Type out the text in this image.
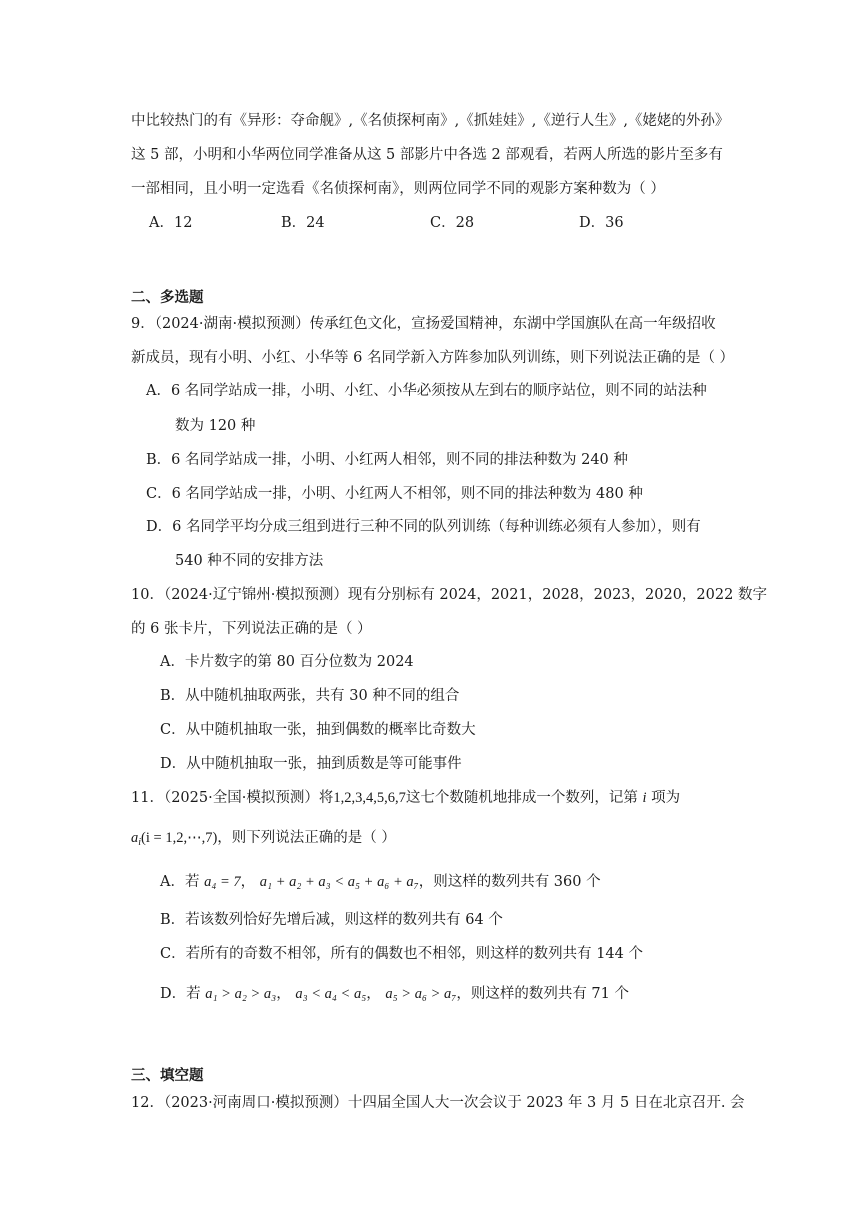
中比较热门的有《异形：夺命舰》,《名侦探柯南》,《抓娃娃》,《逆行人生》,《姥姥的外孙》
这 5 部，小明和小华两位同学准备从这 5 部影片中各选 2 部观看，若两人所选的影片至多有
一部相同，且小明一定选看《名侦探柯南》，则两位同学不同的观影方案种数为（ ）
A．12	B．24	C．28	D．36
二、多选题
9．（2024·湖南·模拟预测）传承红色文化，宣扬爱国精神，东湖中学国旗队在高一年级招收
新成员，现有小明、小红、小华等 6 名同学新入方阵参加队列训练，则下列说法正确的是（ ）
A．6 名同学站成一排，小明、小红、小华必须按从左到右的顺序站位，则不同的站法种
数为 120 种
B．6 名同学站成一排，小明、小红两人相邻，则不同的排法种数为 240 种
C．6 名同学站成一排，小明、小红两人不相邻，则不同的排法种数为 480 种
D．6 名同学平均分成三组到进行三种不同的队列训练（每种训练必须有人参加），则有
540 种不同的安排方法
10．（2024·辽宁锦州·模拟预测）现有分别标有 2024，2021，2028，2023，2020，2022 数字
的 6 张卡片，下列说法正确的是（ ）
A．卡片数字的第 80 百分位数为 2024
B．从中随机抽取两张，共有 30 种不同的组合
C．从中随机抽取一张，抽到偶数的概率比奇数大
D．从中随机抽取一张，抽到质数是等可能事件
11．（2025·全国·模拟预测）将1,2,3,4,5,6,7这七个数随机地排成一个数列，记第 i 项为
$a_i(i$ = 1,2,⋯,7)，则下列说法正确的是（ ）
A．若 a₄ = 7， a₁ + a₂ + a₃ < a₅ + a₆ + a₇，则这样的数列共有 360 个
B．若该数列恰好先增后减，则这样的数列共有 64 个
C．若所有的奇数不相邻，所有的偶数也不相邻，则这样的数列共有 144 个
D．若 a₁ > a₂ > a₃， a₃ < a₄ < a₅， a₅ > a₆ > a₇，则这样的数列共有 71 个
三、填空题
12．（2023·河南周口·模拟预测）十四届全国人大一次会议于 2023 年 3 月 5 日在北京召开. 会
